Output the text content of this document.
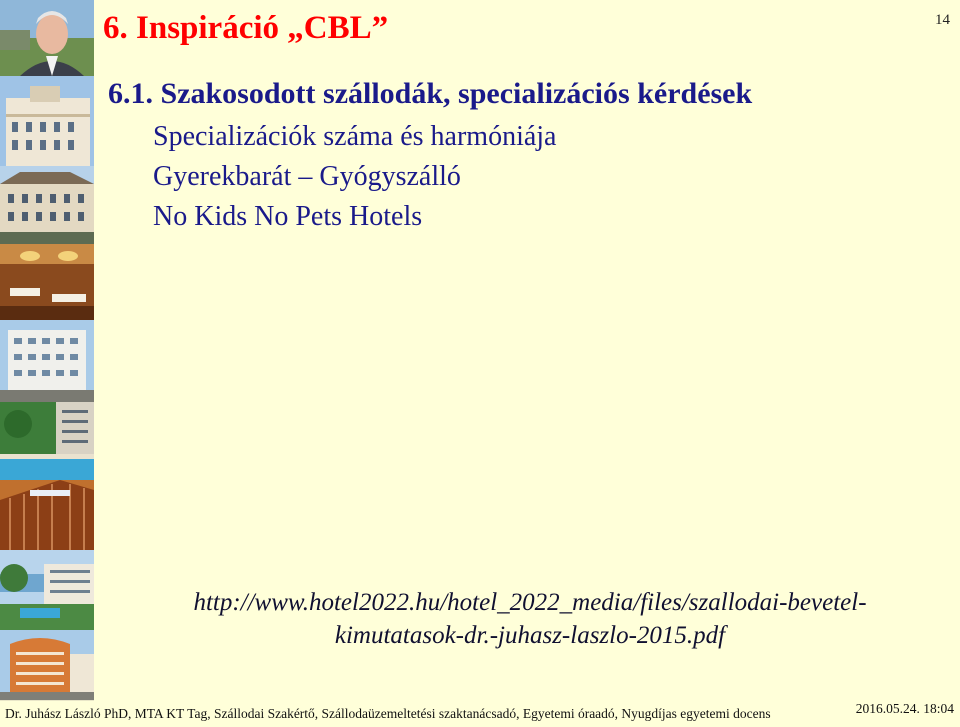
6. Inspiráció „CBL”	14
6.1. Szakosodott szállodák, specializációs kérdések
Specializációk száma és harmóniája
Gyerekbarát – Gyógyszálló
No Kids No Pets Hotels
http://www.hotel2022.hu/hotel_2022_media/files/szallodai-bevetel-
kimutatasok-dr.-juhasz-laszlo-2015.pdf
Dr. Juhász László PhD, MTA KT Tag, Szállodai Szakértő, Szállodaüzemeltetési szaktanácsadó, Egyetemi óraadó, Nyugdíjas egyetemi docens	2016.05.24. 18:04
